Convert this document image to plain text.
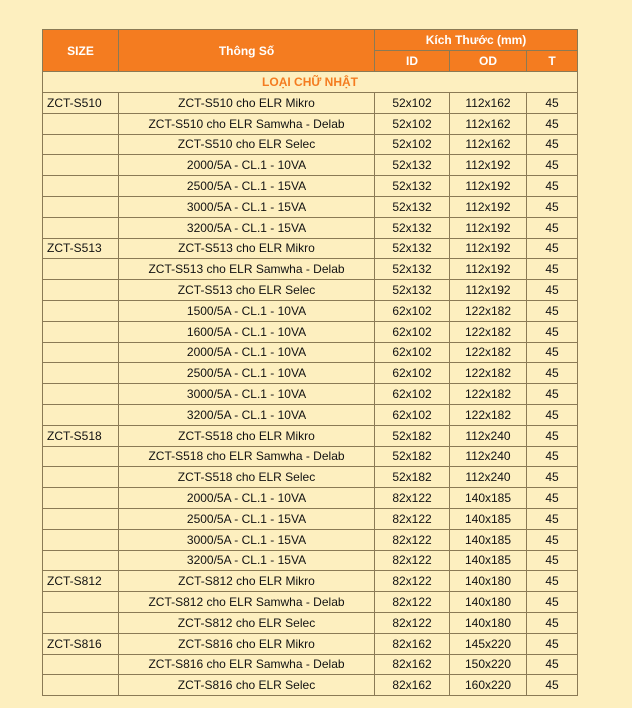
SIZE	Thông Số	Kích Thước (mm)		
		ID	OD	T
LOẠI CHỮ NHẬT				
ZCT-S510	ZCT-S510 cho ELR Mikro	52x102	112x162	45
	ZCT-S510 cho ELR Samwha - Delab	52x102	112x162	45
	ZCT-S510 cho ELR Selec	52x102	112x162	45
	2000/5A - CL.1 - 10VA	52x132	112x192	45
	2500/5A - CL.1 - 15VA	52x132	112x192	45
	3000/5A - CL.1 - 15VA	52x132	112x192	45
	3200/5A - CL.1 - 15VA	52x132	112x192	45
ZCT-S513	ZCT-S513 cho ELR Mikro	52x132	112x192	45
	ZCT-S513 cho ELR Samwha - Delab	52x132	112x192	45
	ZCT-S513 cho ELR Selec	52x132	112x192	45
	1500/5A - CL.1 - 10VA	62x102	122x182	45
	1600/5A - CL.1 - 10VA	62x102	122x182	45
	2000/5A - CL.1 - 10VA	62x102	122x182	45
	2500/5A - CL.1 - 10VA	62x102	122x182	45
	3000/5A - CL.1 - 10VA	62x102	122x182	45
	3200/5A - CL.1 - 10VA	62x102	122x182	45
ZCT-S518	ZCT-S518 cho ELR Mikro	52x182	112x240	45
	ZCT-S518 cho ELR Samwha - Delab	52x182	112x240	45
	ZCT-S518 cho ELR Selec	52x182	112x240	45
	2000/5A - CL.1 - 10VA	82x122	140x185	45
	2500/5A - CL.1 - 15VA	82x122	140x185	45
	3000/5A - CL.1 - 15VA	82x122	140x185	45
	3200/5A - CL.1 - 15VA	82x122	140x185	45
ZCT-S812	ZCT-S812 cho ELR Mikro	82x122	140x180	45
	ZCT-S812 cho ELR Samwha - Delab	82x122	140x180	45
	ZCT-S812 cho ELR Selec	82x122	140x180	45
ZCT-S816	ZCT-S816 cho ELR Mikro	82x162	145x220	45
	ZCT-S816 cho ELR Samwha - Delab	82x162	150x220	45
	ZCT-S816 cho ELR Selec	82x162	160x220	45
